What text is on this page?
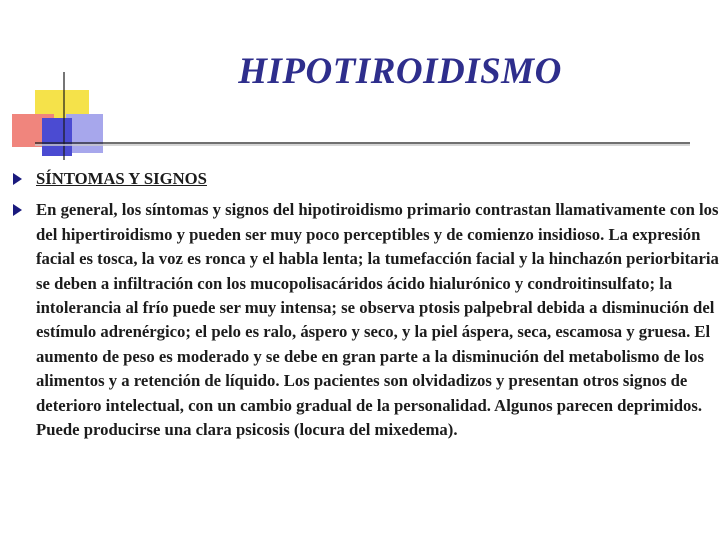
HIPOTIROIDISMO
SÍNTOMAS Y SIGNOS
En general, los síntomas y signos del hipotiroidismo primario contrastan llamativamente con los del hipertiroidismo y pueden ser muy poco perceptibles y de comienzo insidioso. La expresión facial es tosca, la voz es ronca y el habla lenta; la tumefacción facial y la hinchazón periorbitaria se deben a infiltración con los mucopolisacáridos ácido hialurónico y condroitinsulfato; la intolerancia al frío puede ser muy intensa; se observa ptosis palpebral debida a disminución del estímulo adrenérgico; el pelo es ralo, áspero y seco, y la piel áspera, seca, escamosa y gruesa. El aumento de peso es moderado y se debe en gran parte a la disminución del metabolismo de los alimentos y a retención de líquido. Los pacientes son olvidadizos y presentan otros signos de deterioro intelectual, con un cambio gradual de la personalidad. Algunos parecen deprimidos. Puede producirse una clara psicosis (locura del mixedema).
